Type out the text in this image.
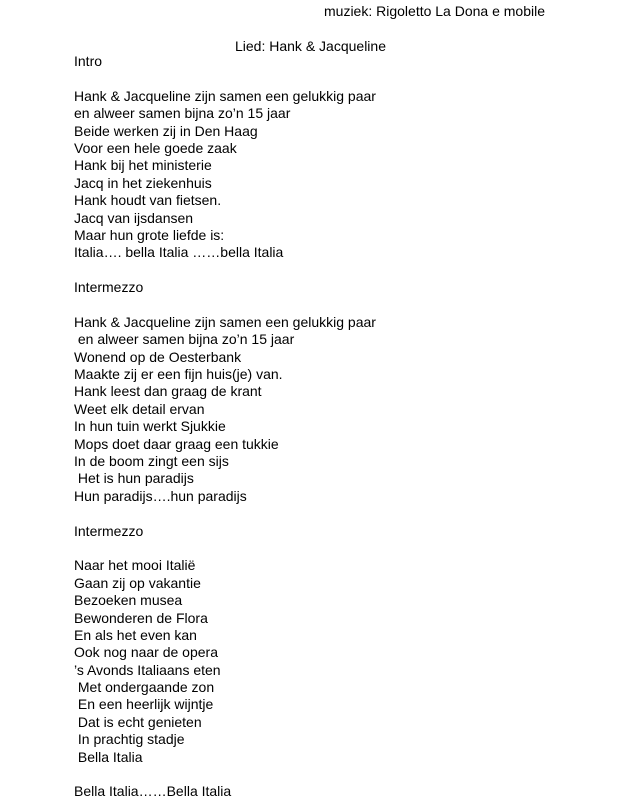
muziek: Rigoletto La Dona e mobile
Lied: Hank & Jacqueline
Intro
Hank & Jacqueline zijn samen een gelukkig paar
en alweer samen bijna zo’n 15 jaar
Beide werken zij in Den Haag
Voor een hele goede zaak
Hank bij het ministerie
Jacq in het ziekenhuis
Hank houdt van fietsen.
Jacq van ijsdansen
Maar hun grote liefde is:
Italia…. bella Italia ……bella Italia
Intermezzo
Hank & Jacqueline zijn samen een gelukkig paar
en alweer samen bijna zo’n 15 jaar
Wonend op de Oesterbank
Maakte zij er een fijn huis(je) van.
Hank leest dan graag de krant
Weet elk detail ervan
In hun tuin werkt Sjukkie
Mops doet daar graag een tukkie
In de boom zingt een sijs
Het is hun paradijs
Hun paradijs….hun paradijs
Intermezzo
Naar het mooi Italië
Gaan zij op vakantie
Bezoeken musea
Bewonderen de Flora
En als het even kan
Ook nog naar de opera
’s Avonds Italiaans eten
Met ondergaande zon
En een heerlijk wijntje
Dat is echt genieten
In prachtig stadje
Bella Italia
Bella Italia……Bella Italia
